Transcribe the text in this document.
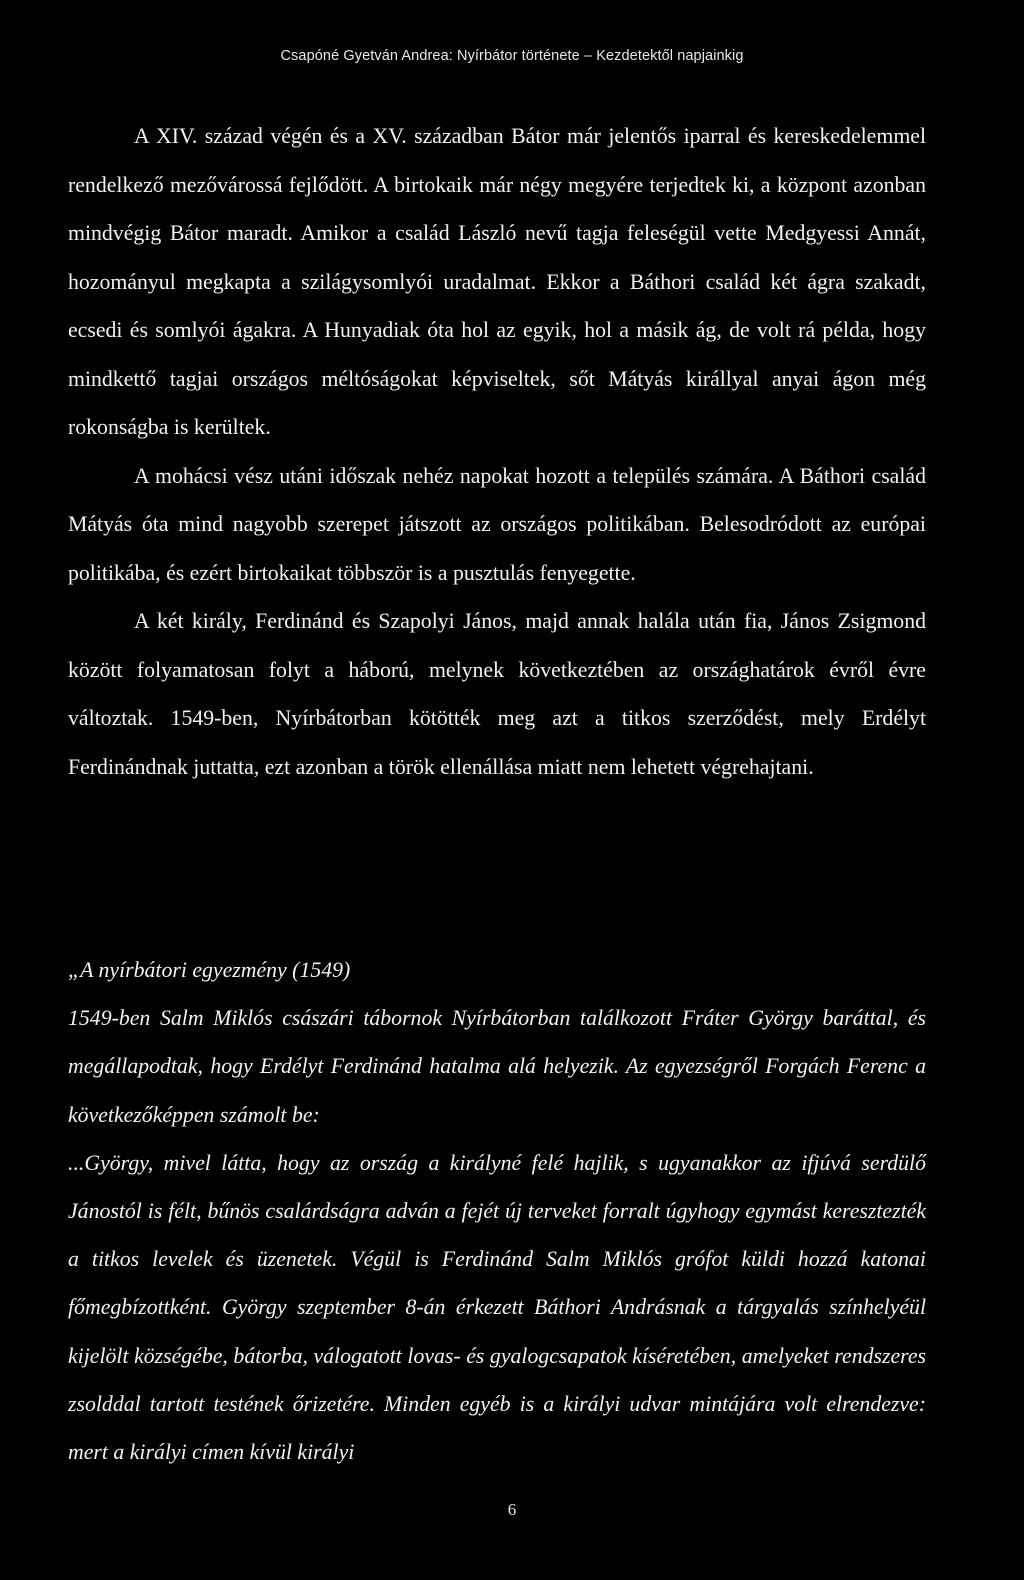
Csapóné Gyetván Andrea: Nyírbátor története – Kezdetektől napjainkig

A XIV. század végén és a XV. században Bátor már jelentős iparral és kereskedelemmel rendelkező mezővárossá fejlődött. A birtokaik már négy megyére terjedtek ki, a központ azonban mindvégig Bátor maradt. Amikor a család László nevű tagja feleségül vette Medgyessi Annát, hozományul megkapta a szilágysomlyói uradalmat. Ekkor a Báthori család két ágra szakadt, ecsedi és somlyói ágakra. A Hunyadiak óta hol az egyik, hol a másik ág, de volt rá példa, hogy mindkettő tagjai országos méltóságokat képviseltek, sőt Mátyás királlyal anyai ágon még rokonságba is kerültek.

A mohácsi vész utáni időszak nehéz napokat hozott a település számára. A Báthori család Mátyás óta mind nagyobb szerepet játszott az országos politikában. Belesodródott az európai politikába, és ezért birtokaikat többször is a pusztulás fenyegette.

A két király, Ferdinánd és Szapolyi János, majd annak halála után fia, János Zsigmond között folyamatosan folyt a háború, melynek következtében az országhatárok évről évre változtak. 1549-ben, Nyírbátorban kötötték meg azt a titkos szerződést, mely Erdélyt Ferdinándnak juttatta, ezt azonban a török ellenállása miatt nem lehetett végrehajtani.

„A nyírbátori egyezmény (1549)

1549-ben Salm Miklós császári tábornok Nyírbátorban találkozott Fráter György baráttal, és megállapodtak, hogy Erdélyt Ferdinánd hatalma alá helyezik. Az egyezségről Forgách Ferenc a következőképpen számolt be:

...György, mivel látta, hogy az ország a királyné felé hajlik, s ugyanakkor az ifjúvá serdülő Jánostól is félt, bűnös csalárdságra adván a fejét új terveket forralt úgyhogy egymást keresztezték a titkos levelek és üzenetek. Végül is Ferdinánd Salm Miklós grófot küldi hozzá katonai főmegbízottként. György szeptember 8-án érkezett Báthori Andrásnak a tárgyalás színhelyéül kijelölt községébe, bátorba, válogatott lovas- és gyalogcsapatok kíséretében, amelyeket rendszeres zsolddal tartott testének őrizetére. Minden egyéb is a királyi udvar mintájára volt elrendezve: mert a királyi címen kívül királyi

6
